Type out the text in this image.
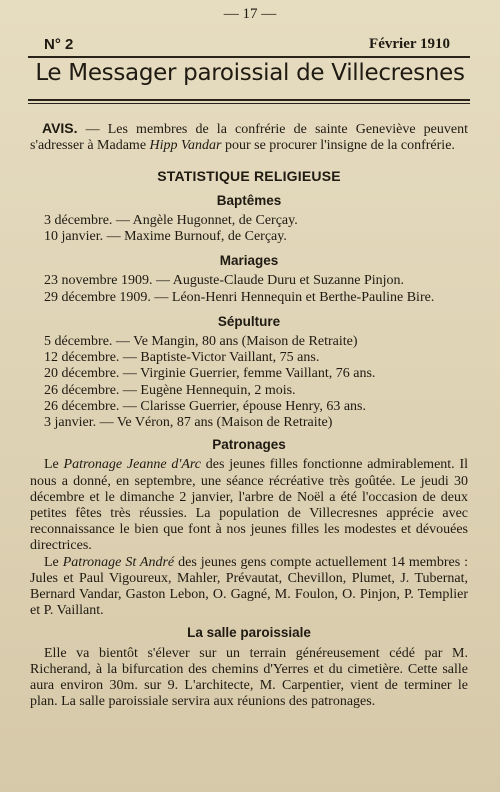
— 17 —
N° 2	Février 1910
Le Messager paroissial de Villecresnes

AVIS. — Les membres de la confrérie de sainte Geneviève peuvent s'adresser à Madame Hipp Vandar pour se procurer l'insigne de la confrérie.

STATISTIQUE RELIGIEUSE
Baptêmes

3 décembre. — Angèle Hugonnet, de Cerçay.

10 janvier. — Maxime Burnouf, de Cerçay.

Mariages

23 novembre 1909. — Auguste-Claude Duru et Suzanne Pinjon.

29 décembre 1909. — Léon-Henri Hennequin et Berthe-Pauline Bire.

Sépulture

5 décembre. — Ve Mangin, 80 ans (Maison de Retraite)

12 décembre. — Baptiste-Victor Vaillant, 75 ans.

20 décembre. — Virginie Guerrier, femme Vaillant, 76 ans.

26 décembre. — Eugène Hennequin, 2 mois.

26 décembre. — Clarisse Guerrier, épouse Henry, 63 ans.

3 janvier. — Ve Véron, 87 ans (Maison de Retraite)

Patronages

Le Patronage Jeanne d'Arc des jeunes filles fonctionne admirablement. Il nous a donné, en septembre, une séance récréative très goûtée. Le jeudi 30 décembre et le dimanche 2 janvier, l'arbre de Noël a été l'occasion de deux petites fêtes très réussies. La population de Villecresnes apprécie avec reconnaissance le bien que font à nos jeunes filles les modestes et dévouées directrices.

Le Patronage St André des jeunes gens compte actuellement 14 membres : Jules et Paul Vigoureux, Mahler, Prévautat, Chevillon, Plumet, J. Tubernat, Bernard Vandar, Gaston Lebon, O. Gagné, M. Foulon, O. Pinjon, P. Templier et P. Vaillant.

La salle paroissiale

Elle va bientôt s'élever sur un terrain généreusement cédé par M. Richerand, à la bifurcation des chemins d'Yerres et du cimetière. Cette salle aura environ 30m. sur 9. L'architecte, M. Carpentier, vient de terminer le plan. La salle paroissiale servira aux réunions des patronages.
